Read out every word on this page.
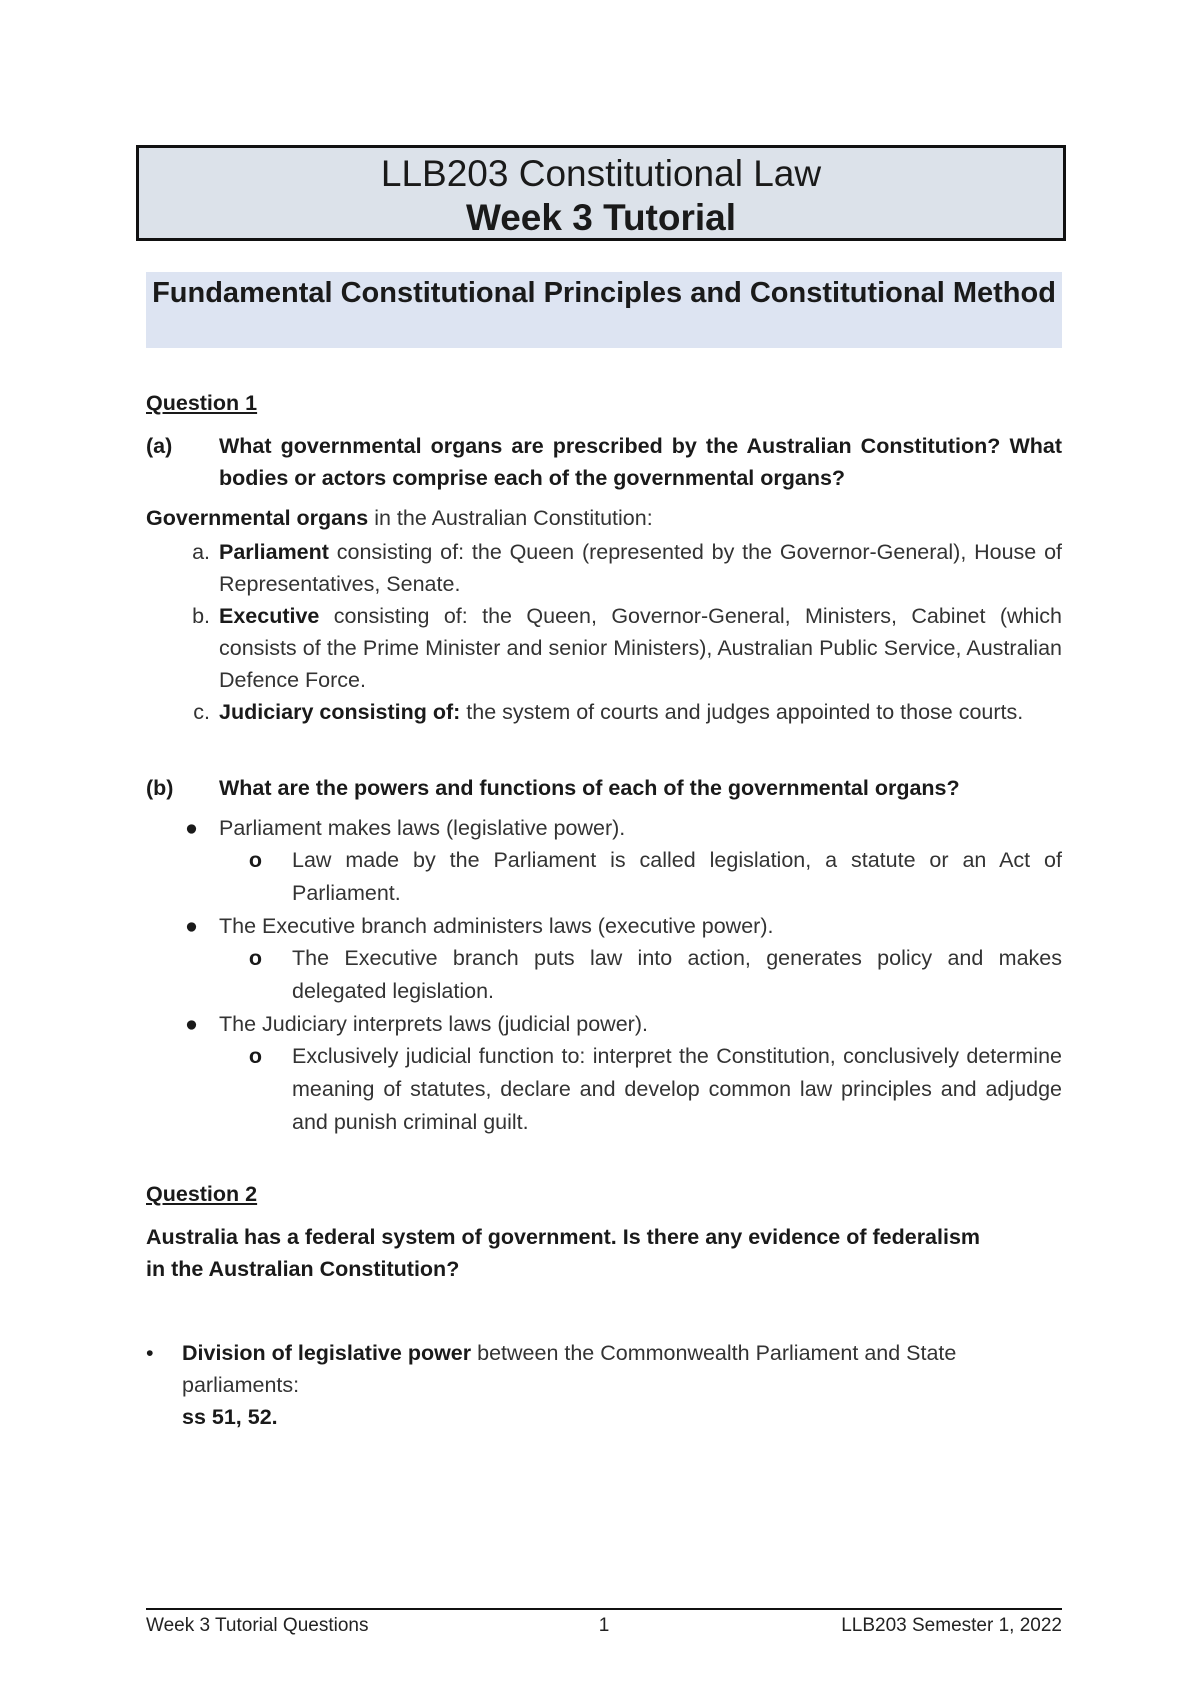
LLB203 Constitutional Law
Week 3 Tutorial
Fundamental Constitutional Principles and Constitutional Method
Question 1
(a)	What governmental organs are prescribed by the Australian Constitution? What bodies or actors comprise each of the governmental organs?
Governmental organs in the Australian Constitution:
a. Parliament consisting of: the Queen (represented by the Governor-General), House of Representatives, Senate.
b. Executive consisting of: the Queen, Governor-General, Ministers, Cabinet (which consists of the Prime Minister and senior Ministers), Australian Public Service, Australian Defence Force.
c. Judiciary consisting of: the system of courts and judges appointed to those courts.
(b)	What are the powers and functions of each of the governmental organs?
● Parliament makes laws (legislative power).
o	Law made by the Parliament is called legislation, a statute or an Act of Parliament.
● The Executive branch administers laws (executive power).
o	The Executive branch puts law into action, generates policy and makes delegated legislation.
● The Judiciary interprets laws (judicial power).
o	Exclusively judicial function to: interpret the Constitution, conclusively determine meaning of statutes, declare and develop common law principles and adjudge and punish criminal guilt.
Question 2
Australia has a federal system of government. Is there any evidence of federalism in the Australian Constitution?
•	Division of legislative power between the Commonwealth Parliament and State parliaments:
ss 51, 52.
Week 3 Tutorial Questions	1	LLB203 Semester 1, 2022
